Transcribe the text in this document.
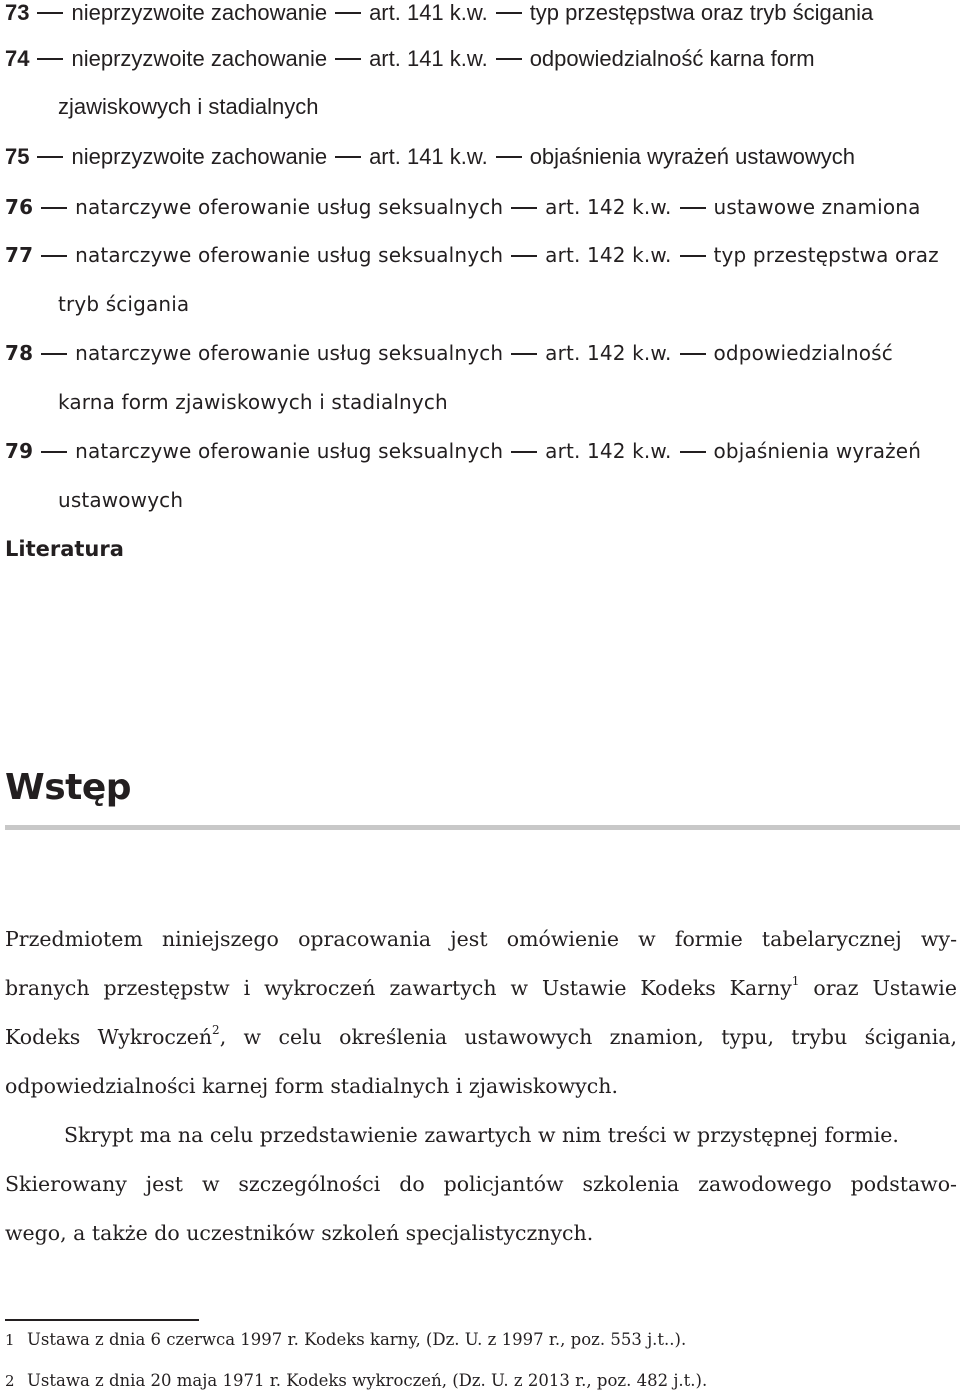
73 nieprzyzwoite zachowanie art. 141 k.w. typ przestępstwa oraz tryb ścigania
74 nieprzyzwoite zachowanie art. 141 k.w. odpowiedzialność karna form
zjawiskowych i stadialnych
75 nieprzyzwoite zachowanie art. 141 k.w. objaśnienia wyrażeń ustawowych
76 natarczywe oferowanie usług seksualnych art. 142 k.w. ustawowe znamiona
77 natarczywe oferowanie usług seksualnych art. 142 k.w. typ przestępstwa oraz
tryb ścigania
78 natarczywe oferowanie usług seksualnych art. 142 k.w. odpowiedzialność
karna form zjawiskowych i stadialnych
79 natarczywe oferowanie usług seksualnych art. 142 k.w. objaśnienia wyrażeń
ustawowych
Literatura
Wstęp
Przedmiotem niniejszego opracowania jest omówienie w formie tabelarycznej wy-
branych przestępstw i wykroczeń zawartych w Ustawie Kodeks Karny$^1$ oraz Ustawie
Kodeks Wykroczeń$^2$, w celu określenia ustawowych znamion, typu, trybu ścigania,
odpowiedzialności karnej form stadialnych i zjawiskowych.
Skrypt ma na celu przedstawienie zawartych w nim treści w przystępnej formie.
Skierowany jest w szczególności do policjantów szkolenia zawodowego podstawo-
wego, a także do uczestników szkoleń specjalistycznych.
1 Ustawa z dnia 6 czerwca 1997 r. Kodeks karny, (Dz. U. z 1997 r., poz. 553 j.t..).
2 Ustawa z dnia 20 maja 1971 r. Kodeks wykroczeń, (Dz. U. z 2013 r., poz. 482 j.t.).
